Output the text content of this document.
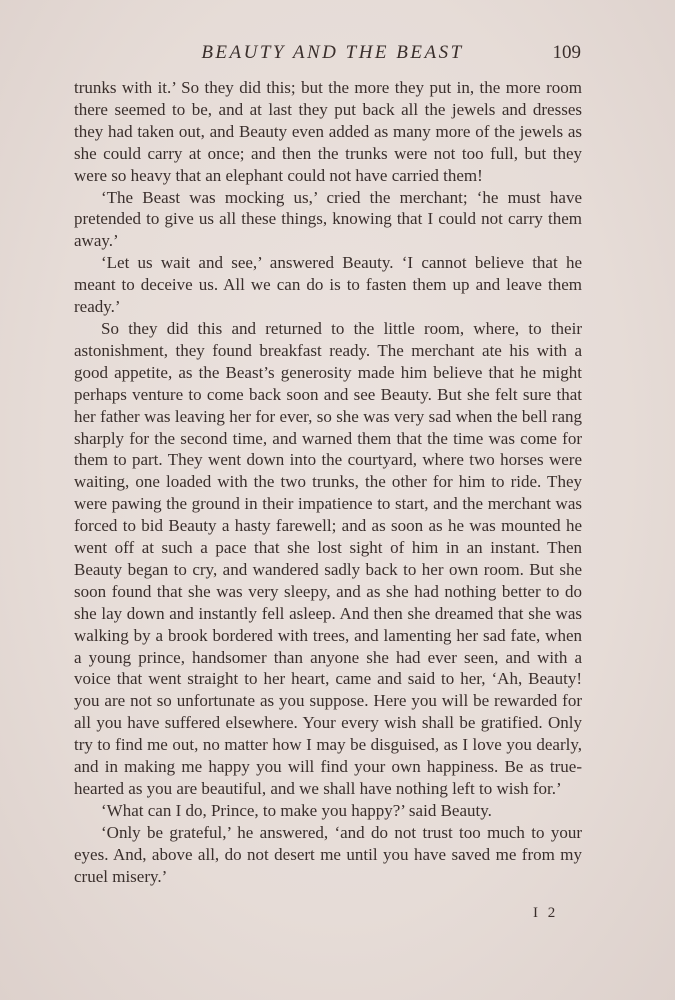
BEAUTY AND THE BEAST	109

trunks with it.’ So they did this; but the more they put in, the more room there seemed to be, and at last they put back all the jewels and dresses they had taken out, and Beauty even added as many more of the jewels as she could carry at once; and then the trunks were not too full, but they were so heavy that an elephant could not have carried them!

‘The Beast was mocking us,’ cried the merchant; ‘he must have pretended to give us all these things, knowing that I could not carry them away.’

‘Let us wait and see,’ answered Beauty. ‘I cannot believe that he meant to deceive us. All we can do is to fasten them up and leave them ready.’

So they did this and returned to the little room, where, to their astonishment, they found breakfast ready. The merchant ate his with a good appetite, as the Beast’s generosity made him believe that he might perhaps venture to come back soon and see Beauty. But she felt sure that her father was leaving her for ever, so she was very sad when the bell rang sharply for the second time, and warned them that the time was come for them to part. They went down into the courtyard, where two horses were waiting, one loaded with the two trunks, the other for him to ride. They were pawing the ground in their impatience to start, and the merchant was forced to bid Beauty a hasty farewell; and as soon as he was mounted he went off at such a pace that she lost sight of him in an instant. Then Beauty began to cry, and wandered sadly back to her own room. But she soon found that she was very sleepy, and as she had nothing better to do she lay down and instantly fell asleep. And then she dreamed that she was walking by a brook bordered with trees, and lamenting her sad fate, when a young prince, handsomer than anyone she had ever seen, and with a voice that went straight to her heart, came and said to her, ‘Ah, Beauty! you are not so unfortunate as you suppose. Here you will be rewarded for all you have suffered elsewhere. Your every wish shall be gratified. Only try to find me out, no matter how I may be disguised, as I love you dearly, and in making me happy you will find your own happiness. Be as true-hearted as you are beautiful, and we shall have nothing left to wish for.’

‘What can I do, Prince, to make you happy?’ said Beauty.

‘Only be grateful,’ he answered, ‘and do not trust too much to your eyes. And, above all, do not desert me until you have saved me from my cruel misery.’

I 2
